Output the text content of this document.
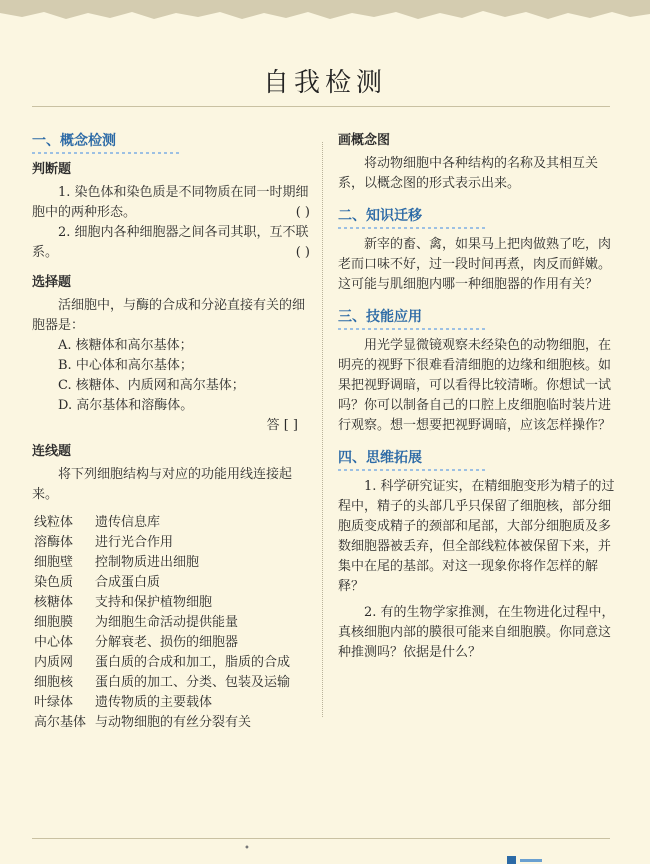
自我检测
一、概念检测
判断题

1. 染色体和染色质是不同物质在同一时期细

胞中的两种形态。	( )

2. 细胞内各种细胞器之间各司其职，互不联

系。	( )
选择题

活细胞中，与酶的合成和分泌直接有关的细胞器是：

A. 核糖体和高尔基体；

B. 中心体和高尔基体；

C. 核糖体、内质网和高尔基体；

D. 高尔基体和溶酶体。

答 [ ]

连线题

将下列细胞结构与对应的功能用线连接起来。

线粒体	遗传信息库
溶酶体	进行光合作用
细胞壁	控制物质进出细胞
染色质	合成蛋白质
核糖体	支持和保护植物细胞
细胞膜	为细胞生命活动提供能量
中心体	分解衰老、损伤的细胞器
内质网	蛋白质的合成和加工，脂质的合成
细胞核	蛋白质的加工、分类、包装及运输
叶绿体	遗传物质的主要载体
高尔基体 与动物细胞的有丝分裂有关
画概念图

将动物细胞中各种结构的名称及其相互关系，以概念图的形式表示出来。

二、知识迁移

新宰的畜、禽，如果马上把肉做熟了吃，肉老而口味不好，过一段时间再煮，肉反而鲜嫩。这可能与肌细胞内哪一种细胞器的作用有关？

三、技能应用

用光学显微镜观察未经染色的动物细胞，在明亮的视野下很难看清细胞的边缘和细胞核。如果把视野调暗，可以看得比较清晰。你想试一试吗？你可以制备自己的口腔上皮细胞临时装片进行观察。想一想要把视野调暗，应该怎样操作？

四、思维拓展

1. 科学研究证实，在精细胞变形为精子的过程中，精子的头部几乎只保留了细胞核，部分细胞质变成精子的颈部和尾部，大部分细胞质及多数细胞器被丢弃，但全部线粒体被保留下来，并集中在尾的基部。对这一现象你将作怎样的解释？

2. 有的生物学家推测，在生物进化过程中，真核细胞内部的膜很可能来自细胞膜。你同意这种推测吗？依据是什么？

•
